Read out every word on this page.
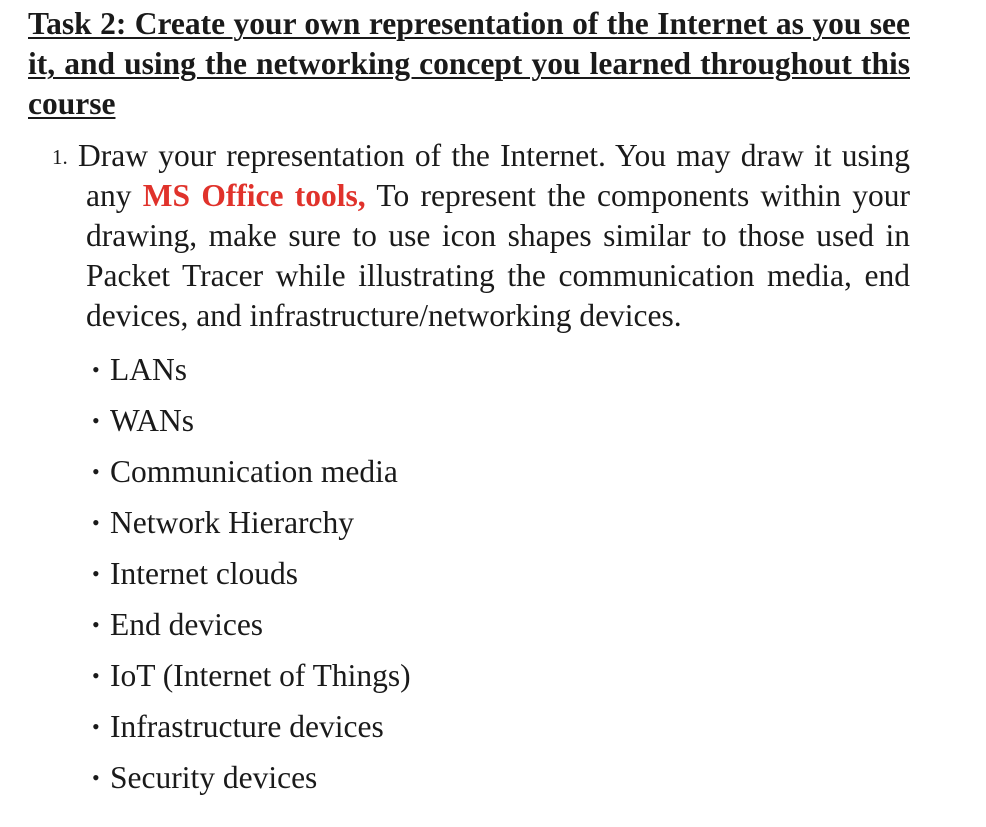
Task 2: Create your own representation of the Internet as you see it, and using the networking concept you learned throughout this course
1. Draw your representation of the Internet. You may draw it using any MS Office tools, To represent the components within your drawing, make sure to use icon shapes similar to those used in Packet Tracer while illustrating the communication media, end devices, and infrastructure/networking devices.
• LANs
• WANs
• Communication media
• Network Hierarchy
• Internet clouds
• End devices
• IoT (Internet of Things)
• Infrastructure devices
• Security devices
